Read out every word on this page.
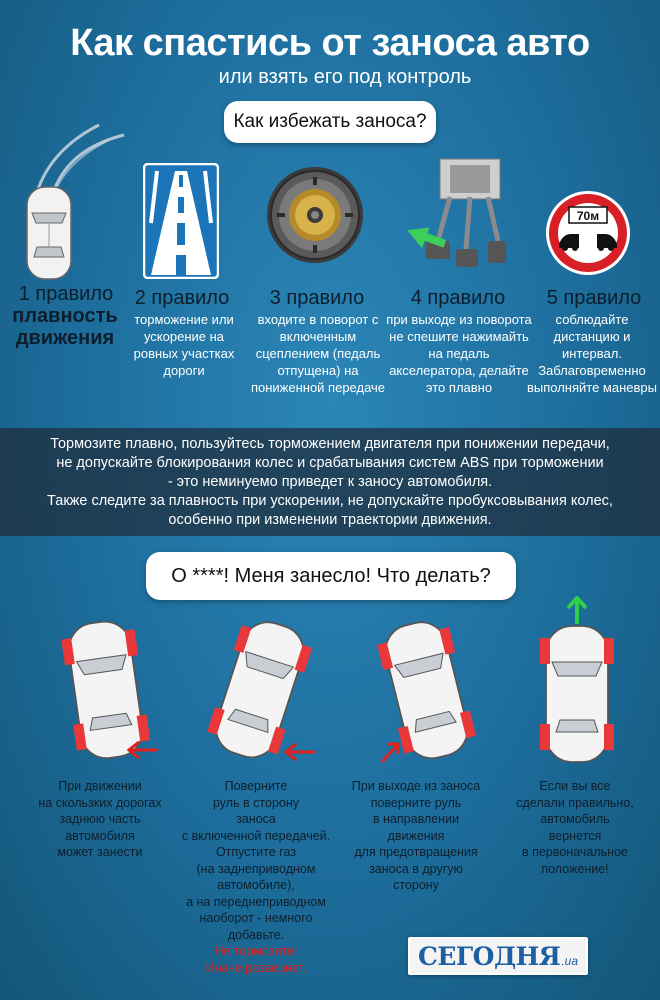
Как спастись от заноса авто
или взять его под контроль
Как избежать заноса?
1 правило
плавность движения
2 правило
торможение или ускорение на ровных участках дороги
3 правило
входите в поворот с включенным сцеплением (педаль отпущена) на пониженной передаче
4 правило
при выходе из поворота не спешите нажимайть на педаль акселератора, делайте это плавно
70м
5 правило
соблюдайте дистанцию и интервал. Заблаговременно выполняйте маневры

Тормозите плавно, пользуйтесь торможением двигателя при понижении передачи,

не допускайте блокирования колес и срабатывания систем ABS при торможении

- это неминуемо приведет к заносу автомобиля.

Также следите за плавность при ускорении, не допускайте пробуксовывания колес,

особенно при изменении траектории движения.

О ****! Меня занесло! Что делать?
При движении
на скользких дорогах
заднюю часть
автомобиля
может занести
Поверните
руль в сторону
заноса
с включенной передачей.
Отпустите газ
(на заднеприводном
автомобиле),
а на переднеприводном
наоборот - немного
добавьте.
Не тормозите!
Иначе развернет.
При выходе из заноса
поверните руль
в направлении
движения
для предотвращения
заноса в другую
сторону
Если вы все
сделали правильно,
автомобиль
вернется
в первоначальное
положение!
СЕГОДНЯ .ua
